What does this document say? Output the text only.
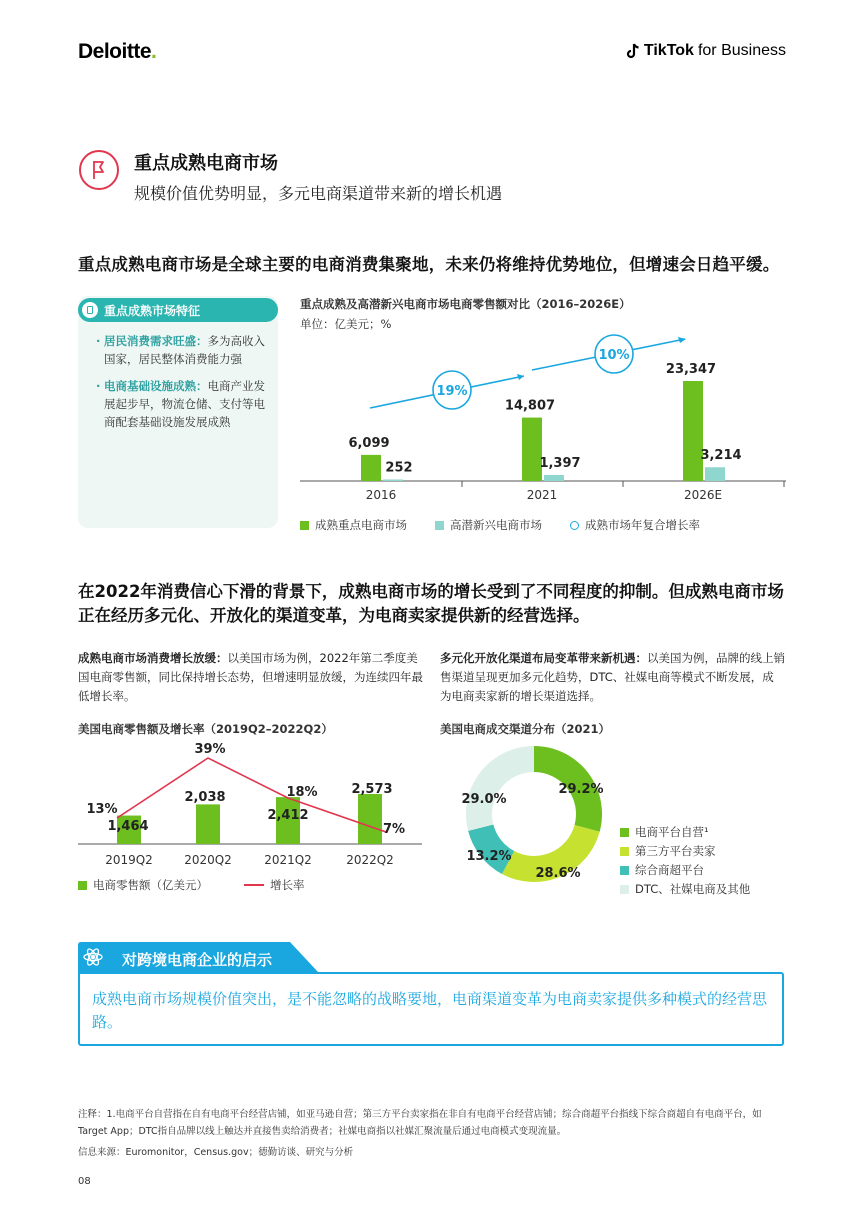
Deloitte.	TikTok for Business
重点成熟电商市场
规模价值优势明显，多元电商渠道带来新的增长机遇
重点成熟电商市场是全球主要的电商消费集聚地，未来仍将维持优势地位，但增速会日趋平缓。
重点成熟市场特征
· 居民消费需求旺盛：多为高收入国家，居民整体消费能力强
· 电商基础设施成熟：电商产业发展起步早，物流仓储、支付等电商配套基础设施发展成熟
重点成熟及高潜新兴电商市场电商零售额对比（2016–2026E）
单位：亿美元；%
6,099
252
2016
14,807
1,397
2021
23,347
3,214
2026E
19%
10%
成熟重点电商市场	高潜新兴电商市场	成熟市场年复合增长率
在2022年消费信心下滑的背景下，成熟电商市场的增长受到了不同程度的抑制。但成熟电商市场正在经历多元化、开放化的渠道变革，为电商卖家提供新的经营选择。
成熟电商市场消费增长放缓：以美国市场为例，2022年第二季度美国电商零售额，同比保持增长态势，但增速明显放缓，为连续四年最低增长率。
美国电商零售额及增长率（2019Q2–2022Q2）
2019Q2	2020Q2	2021Q2	2022Q2
1,464
2,038
2,412
2,573
13%
39%
18%
7%
电商零售额（亿美元）	增长率
多元化开放化渠道布局变革带来新机遇：以美国为例，品牌的线上销售渠道呈现更加多元化趋势，DTC、社媒电商等模式不断发展，成为电商卖家新的增长渠道选择。
美国电商成交渠道分布（2021）
29.2%
28.6%
13.2%
29.0%
电商平台自营¹
第三方平台卖家
综合商超平台
DTC、社媒电商及其他
对跨境电商企业的启示
成熟电商市场规模价值突出，是不能忽略的战略要地，电商渠道变革为电商卖家提供多种模式的经营思路。
注释：1.电商平台自营指在自有电商平台经营店铺，如亚马逊自营；第三方平台卖家指在非自有电商平台经营店铺；综合商超平台指线下综合商超自有电商平台，如Target App；DTC指自品牌以线上触达并直接售卖给消费者；社媒电商指以社媒汇聚流量后通过电商模式变现流量。
信息来源：Euromonitor，Census.gov；德勤访谈、研究与分析
08
